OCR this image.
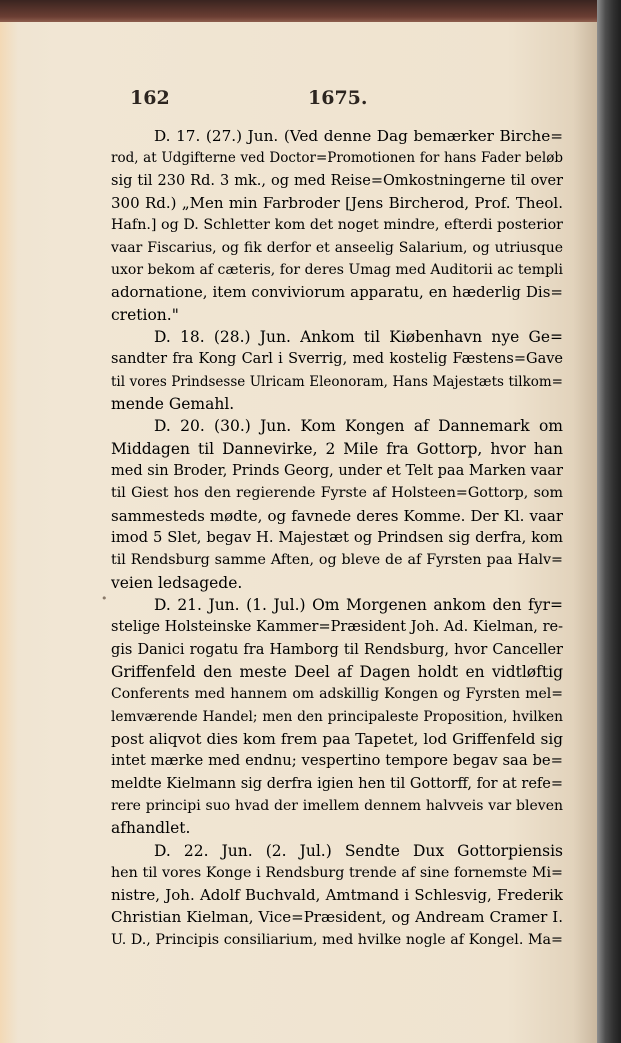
162	1675.
•
D. 17. (27.) Jun. (Ved denne Dag bemærker Birche=
rod, at Udgifterne ved Doctor=Promotionen for hans Fader beløb
sig til 230 Rd. 3 mk., og med Reise=Omkostningerne til over
300 Rd.) „Men min Farbroder [Jens Bircherod, Prof. Theol.
Hafn.] og D. Schletter kom det noget mindre, efterdi posterior
vaar Fiscarius, og fik derfor et anseelig Salarium, og utriusque
uxor bekom af cæteris, for deres Umag med Auditorii ac templi
adornatione, item conviviorum apparatu, en hæderlig Dis=
cretion."
D. 18. (28.) Jun. Ankom til Kiøbenhavn nye Ge=
sandter fra Kong Carl i Sverrig, med kostelig Fæstens=Gave
til vores Prindsesse Ulricam Eleonoram, Hans Majestæts tilkom=
mende Gemahl.
D. 20. (30.) Jun. Kom Kongen af Dannemark om
Middagen til Dannevirke, 2 Mile fra Gottorp, hvor han
med sin Broder, Prinds Georg, under et Telt paa Marken vaar
til Giest hos den regierende Fyrste af Holsteen=Gottorp, som
sammesteds mødte, og favnede deres Komme. Der Kl. vaar
imod 5 Slet, begav H. Majestæt og Prindsen sig derfra, kom
til Rendsburg samme Aften, og bleve de af Fyrsten paa Halv=
veien ledsagede.
D. 21. Jun. (1. Jul.) Om Morgenen ankom den fyr=
stelige Holsteinske Kammer=Præsident Joh. Ad. Kielman, re-
gis Danici rogatu fra Hamborg til Rendsburg, hvor Canceller
Griffenfeld den meste Deel af Dagen holdt en vidtløftig
Conferents med hannem om adskillig Kongen og Fyrsten mel=
lemværende Handel; men den principaleste Proposition, hvilken
post aliqvot dies kom frem paa Tapetet, lod Griffenfeld sig
intet mærke med endnu; vespertino tempore begav saa be=
meldte Kielmann sig derfra igien hen til Gottorff, for at refe=
rere principi suo hvad der imellem dennem halvveis var bleven
afhandlet.
D. 22. Jun. (2. Jul.) Sendte Dux Gottorpiensis
hen til vores Konge i Rendsburg trende af sine fornemste Mi=
nistre, Joh. Adolf Buchvald, Amtmand i Schlesvig, Frederik
Christian Kielman, Vice=Præsident, og Andream Cramer I.
U. D., Principis consiliarium, med hvilke nogle af Kongel. Ma=
